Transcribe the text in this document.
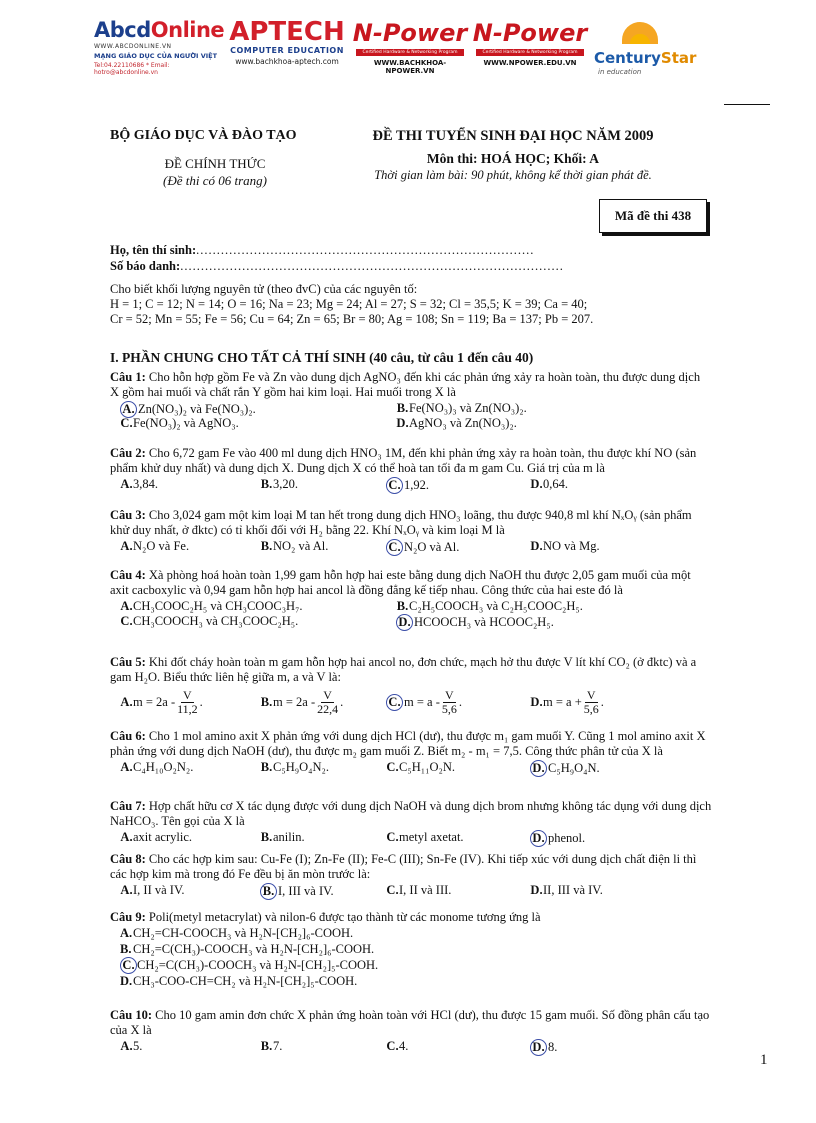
AbcdOnline
WWW.ABCDONLINE.VN
MẠNG GIÁO DỤC CỦA NGƯỜI VIỆT
Tel:04.22110686 * Email: hotro@abcdonline.vn
APTECH
COMPUTER EDUCATION
www.bachkhoa-aptech.com
N-Power
Certified Hardware & Networking Program
WWW.BACHKHOA-NPOWER.VN
N-Power
Certified Hardware & Networking Program
WWW.NPOWER.EDU.VN	CenturyStar
in education
BỘ GIÁO DỤC VÀ ĐÀO TẠO
ĐỀ CHÍNH THỨC
(Đề thi có 06 trang)
ĐỀ THI TUYỂN SINH ĐẠI HỌC NĂM 2009
Môn thi: HOÁ HỌC; Khối: A
Thời gian làm bài: 90 phút, không kể thời gian phát đề.
Mã đề thi 438
Họ, tên thí sinh:..................................................................................
Số báo danh:.............................................................................................
Cho biết khối lượng nguyên tử (theo đvC) của các nguyên tố:
H = 1; C = 12; N = 14; O = 16; Na = 23; Mg = 24; Al = 27; S = 32; Cl = 35,5; K = 39; Ca = 40;
Cr = 52; Mn = 55; Fe = 56; Cu = 64; Zn = 65; Br = 80; Ag = 108; Sn = 119; Ba = 137; Pb = 207.
I. PHẦN CHUNG CHO TẤT CẢ THÍ SINH (40 câu, từ câu 1 đến câu 40)
Câu 1: Cho hỗn hợp gồm Fe và Zn vào dung dịch AgNO₃ đến khi các phản ứng xảy ra hoàn toàn, thu được dung dịch X gồm hai muối và chất rắn Y gồm hai kim loại. Hai muối trong X là
A. Zn(NO₃)₂ và Fe(NO₃)₂.	B. Fe(NO₃)₃ và Zn(NO₃)₂.
C. Fe(NO₃)₂ và AgNO₃.	D. AgNO₃ và Zn(NO₃)₂.
Câu 2: Cho 6,72 gam Fe vào 400 ml dung dịch HNO₃ 1M, đến khi phản ứng xảy ra hoàn toàn, thu được khí NO (sản phẩm khử duy nhất) và dung dịch X. Dung dịch X có thể hoà tan tối đa m gam Cu. Giá trị của m là
A. 3,84.	B. 3,20.	C. 1,92.	D. 0,64.
Câu 3: Cho 3,024 gam một kim loại M tan hết trong dung dịch HNO₃ loãng, thu được 940,8 ml khí NₓOᵧ (sản phẩm khử duy nhất, ở đktc) có tỉ khối đối với H₂ bằng 22. Khí NₓOᵧ và kim loại M là
A. N₂O và Fe.	B. NO₂ và Al.	C. N₂O và Al.	D. NO và Mg.
Câu 4: Xà phòng hoá hoàn toàn 1,99 gam hỗn hợp hai este bằng dung dịch NaOH thu được 2,05 gam muối của một axit cacboxylic và 0,94 gam hỗn hợp hai ancol là đồng đẳng kế tiếp nhau. Công thức của hai este đó là
A. CH₃COOC₂H₅ và CH₃COOC₃H₇.	B. C₂H₅COOCH₃ và C₂H₅COOC₂H₅.
C. CH₃COOCH₃ và CH₃COOC₂H₅.	D. HCOOCH₃ và HCOOC₂H₅.
Câu 5: Khi đốt cháy hoàn toàn m gam hỗn hợp hai ancol no, đơn chức, mạch hở thu được V lít khí CO₂ (ở đktc) và a gam H₂O. Biểu thức liên hệ giữa m, a và V là:
A. $m = 2a - \frac{V}{11,2}$ .	B. $m = 2a - \frac{V}{22,4}$ .	C. $m = a - \frac{V}{5,6}$ .	D. $m = a + \frac{V}{5,6}$ .
Câu 6: Cho 1 mol amino axit X phản ứng với dung dịch HCl (dư), thu được m₁ gam muối Y. Cũng 1 mol amino axit X phản ứng với dung dịch NaOH (dư), thu được m₂ gam muối Z. Biết m₂ - m₁ = 7,5. Công thức phân tử của X là
A. C₄H₁₀O₂N₂.	B. C₅H₉O₄N₂.	C. C₅H₁₁O₂N.	D. C₅H₉O₄N.
Câu 7: Hợp chất hữu cơ X tác dụng được với dung dịch NaOH và dung dịch brom nhưng không tác dụng với dung dịch NaHCO₃. Tên gọi của X là
A. axit acrylic.	B. anilin.	C. metyl axetat.	D. phenol.
Câu 8: Cho các hợp kim sau: Cu-Fe (I); Zn-Fe (II); Fe-C (III); Sn-Fe (IV). Khi tiếp xúc với dung dịch chất điện li thì các hợp kim mà trong đó Fe đều bị ăn mòn trước là:
A. I, II và IV.	B. I, III và IV.	C. I, II và III.	D. II, III và IV.
Câu 9: Poli(metyl metacrylat) và nilon-6 được tạo thành từ các monome tương ứng là
A. CH₂=CH-COOCH₃ và H₂N-[CH₂]₆-COOH.
B. CH₂=C(CH₃)-COOCH₃ và H₂N-[CH₂]₆-COOH.
C. CH₂=C(CH₃)-COOCH₃ và H₂N-[CH₂]₅-COOH.
D. CH₃-COO-CH=CH₂ và H₂N-[CH₂]₅-COOH.
Câu 10: Cho 10 gam amin đơn chức X phản ứng hoàn toàn với HCl (dư), thu được 15 gam muối. Số đồng phân cấu tạo của X là
A. 5.	B. 7.	C. 4.	D. 8.
1
